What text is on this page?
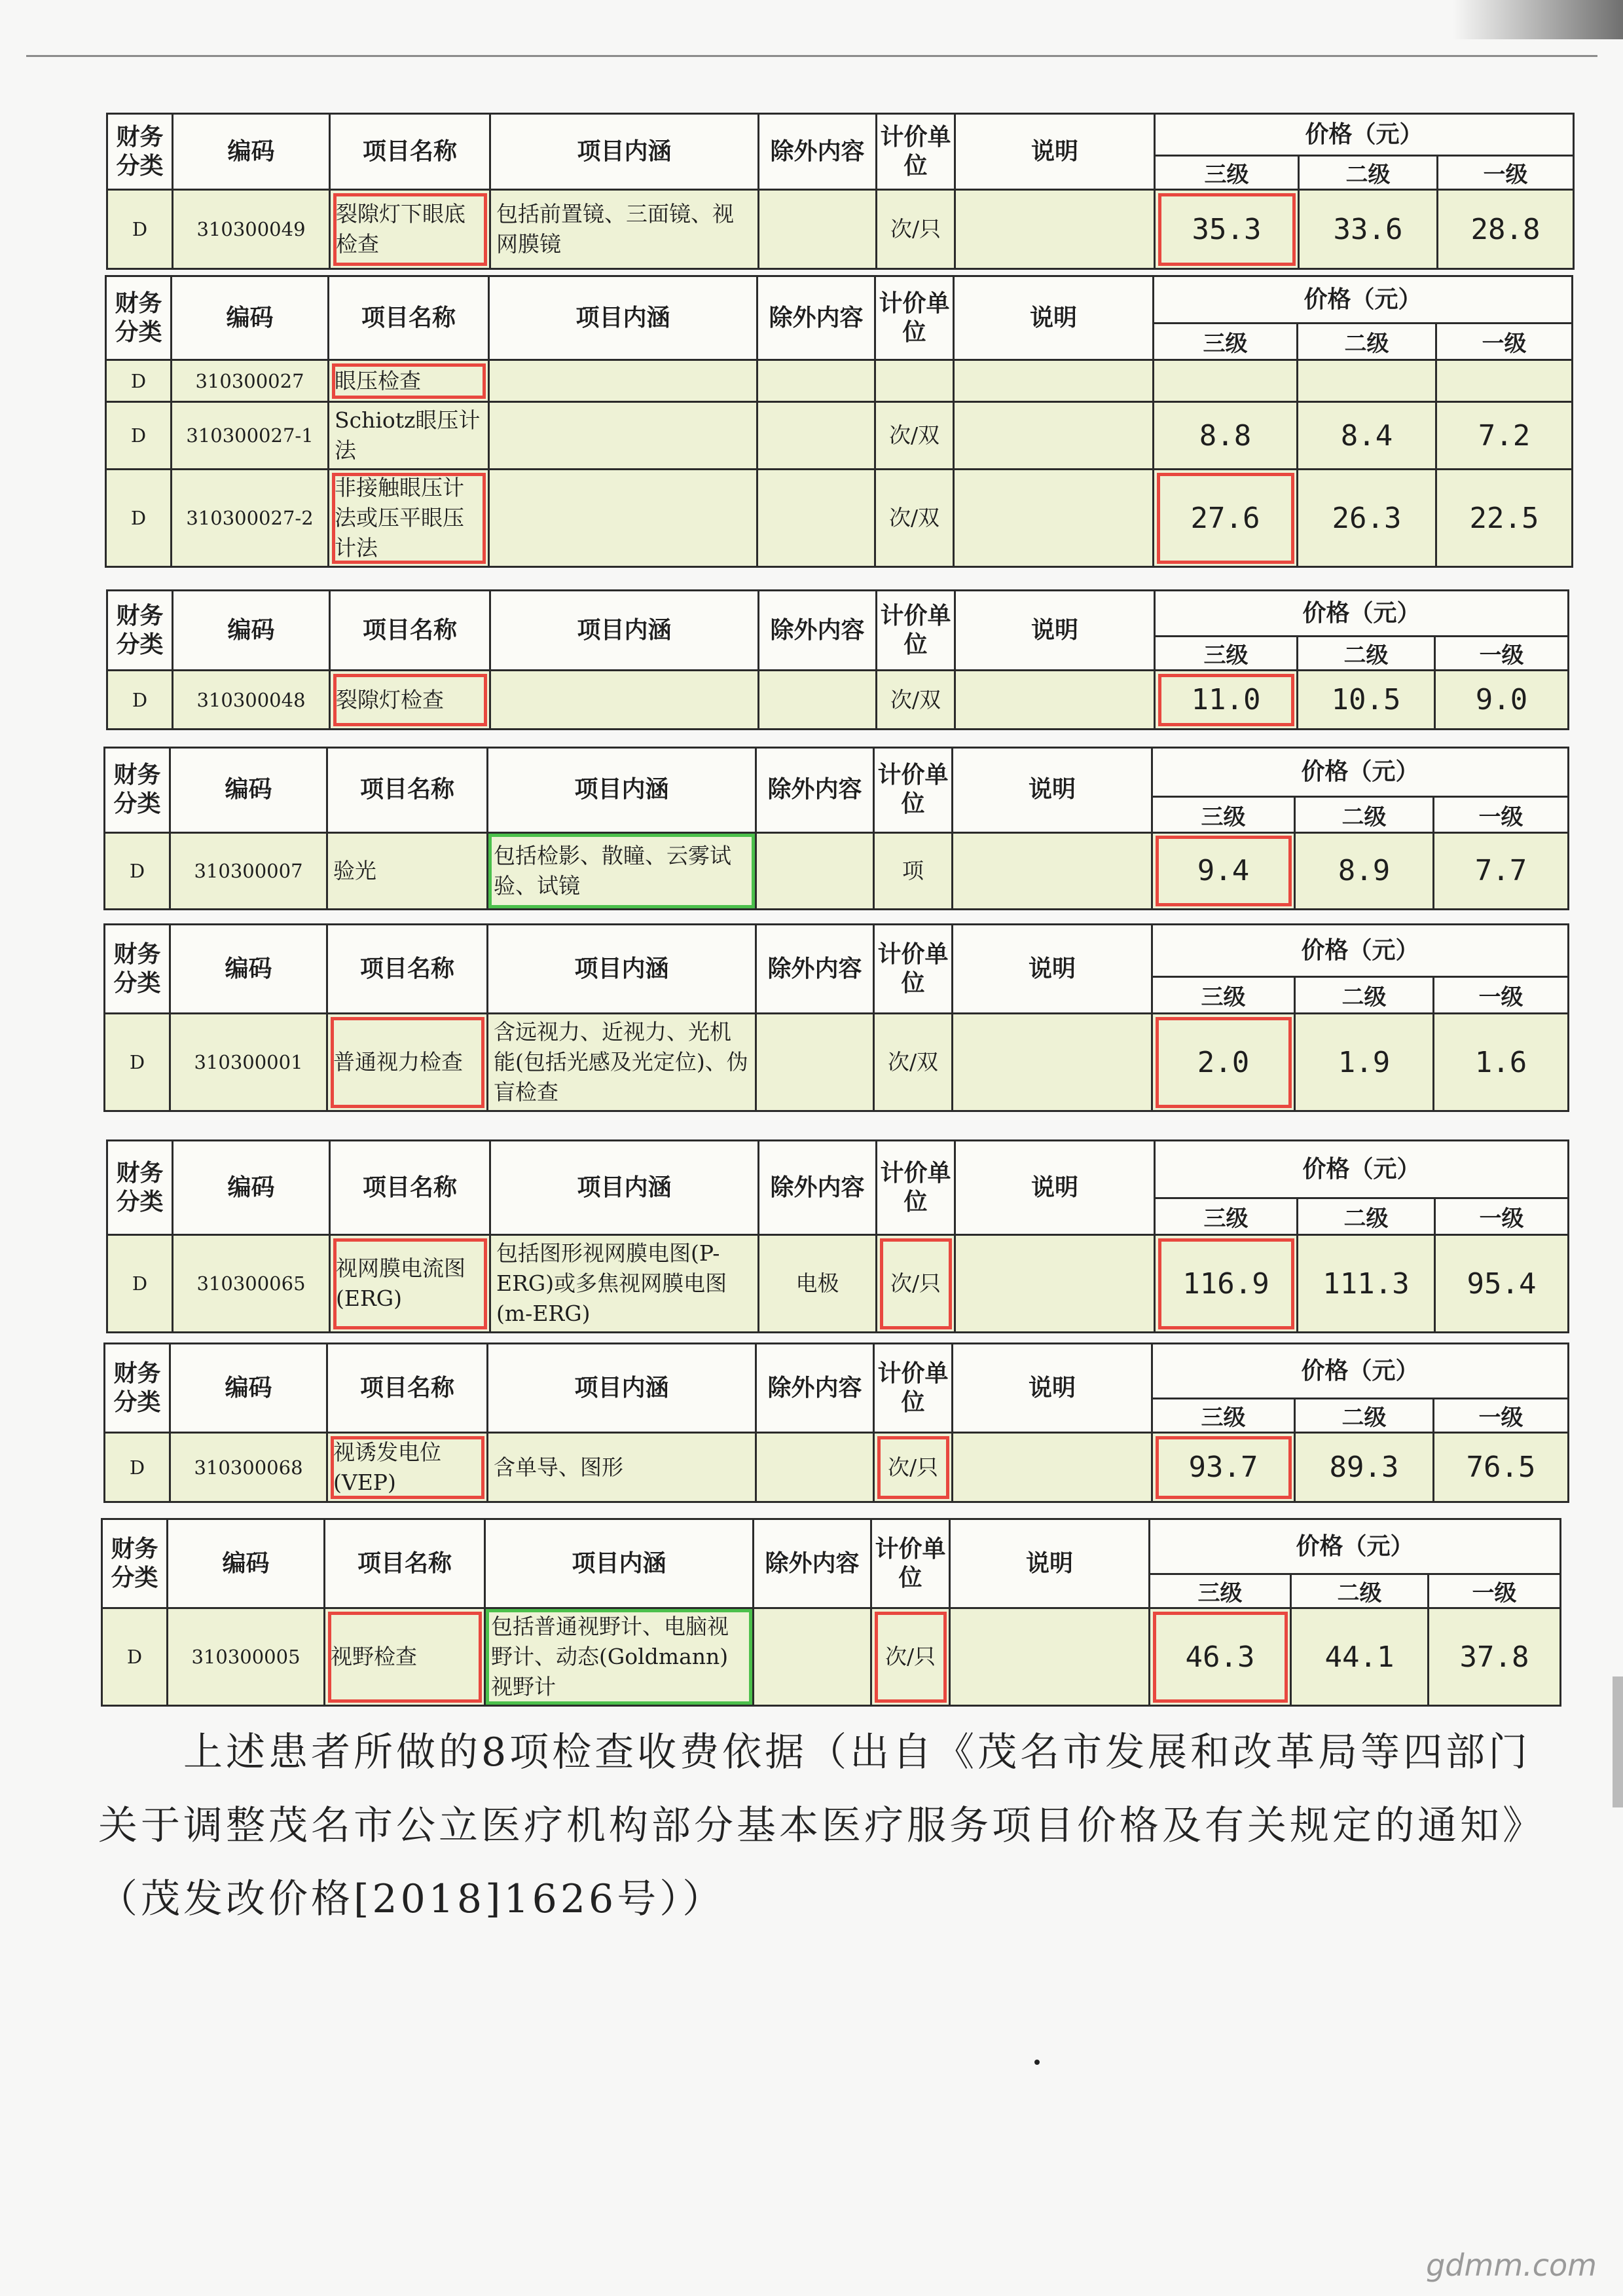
财务分类	编码	项目名称	项目内涵	除外内容	计价单位	说明	价格（元）		
							三级	二级	一级
D	310300049	裂隙灯下眼底检查	包括前置镜、三面镜、视网膜镜		次/只		35.3	33.6	28.8
财务分类	编码	项目名称	项目内涵	除外内容	计价单位	说明	价格（元）		
							三级	二级	一级
D	310300027	眼压检查							
D	310300027-1	Schiotz眼压计法			次/双		8.8	8.4	7.2
D	310300027-2	非接触眼压计法或压平眼压计法			次/双		27.6	26.3	22.5
财务分类	编码	项目名称	项目内涵	除外内容	计价单位	说明	价格（元）		
							三级	二级	一级
D	310300048	裂隙灯检查			次/双		11.0	10.5	9.0
财务分类	编码	项目名称	项目内涵	除外内容	计价单位	说明	价格（元）		
							三级	二级	一级
D	310300007	验光	包括检影、散瞳、云雾试验、试镜		项		9.4	8.9	7.7
财务分类	编码	项目名称	项目内涵	除外内容	计价单位	说明	价格（元）		
							三级	二级	一级
D	310300001	普通视力检查	含远视力、近视力、光机能(包括光感及光定位)、伪盲检查		次/双		2.0	1.9	1.6
财务分类	编码	项目名称	项目内涵	除外内容	计价单位	说明	价格（元）		
							三级	二级	一级
D	310300065	视网膜电流图(ERG)	包括图形视网膜电图(P-ERG)或多焦视网膜电图(m-ERG)	电极	次/只		116.9	111.3	95.4
财务分类	编码	项目名称	项目内涵	除外内容	计价单位	说明	价格（元）		
							三级	二级	一级
D	310300068	视诱发电位(VEP)	含单导、图形		次/只		93.7	89.3	76.5
财务分类	编码	项目名称	项目内涵	除外内容	计价单位	说明	价格（元）		
							三级	二级	一级
D	310300005	视野检查	包括普通视野计、电脑视野计、动态(Goldmann)视野计		次/只		46.3	44.1	37.8
上述患者所做的8项检查收费依据（出自《茂名市发展和改革局等四部门关于调整茂名市公立医疗机构部分基本医疗服务项目价格及有关规定的通知》（茂发改价格[2018]1626号））
gdmm.com
